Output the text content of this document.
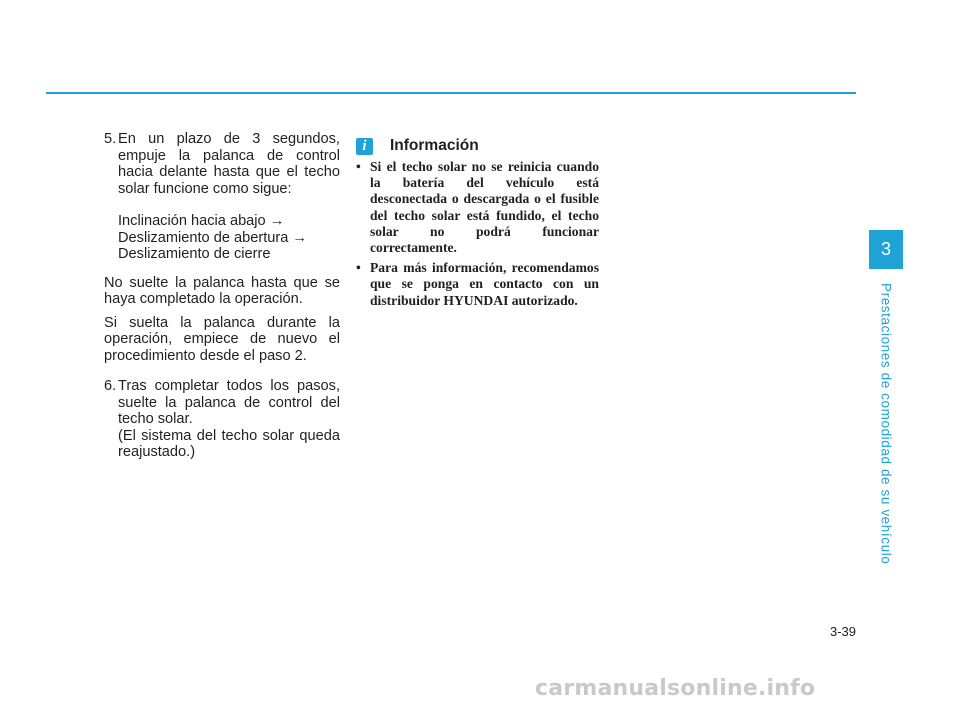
5. En un plazo de 3 segundos, empuje la palanca de control hacia delante hasta que el techo solar funcione como sigue:
Inclinación hacia abajo →
Deslizamiento de abertura →
Deslizamiento de cierre
No suelte la palanca hasta que se haya completado la operación.
Si suelta la palanca durante la operación, empiece de nuevo el procedimiento desde el paso 2.
6. Tras completar todos los pasos, suelte la palanca de control del techo solar.
(El sistema del techo solar queda reajustado.)
i	Información
• Si el techo solar no se reinicia cuando la batería del vehículo está desconectada o descargada o el fusible del techo solar está fundido, el techo solar no podrá funcionar correctamente.
• Para más información, recomendamos que se ponga en contacto con un distribuidor HYUNDAI autorizado.
3
Prestaciones de comodidad de su vehículo
3-39
carmanualsonline.info
